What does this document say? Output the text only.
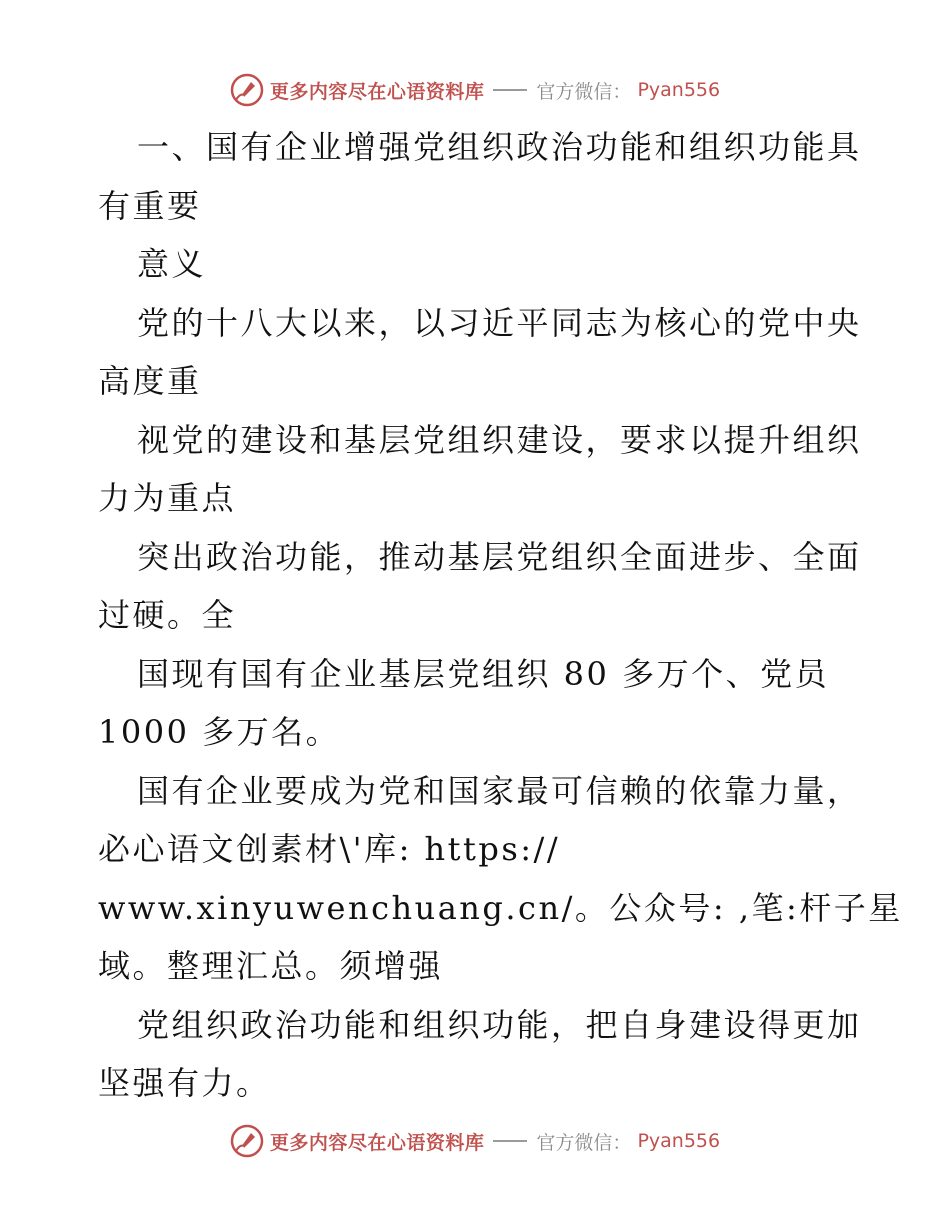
更多内容尽在心语资料库	官方微信： Pyan556
一、国有企业增强党组织政治功能和组织功能具
有重要
意义
党的十八大以来，以习近平同志为核心的党中央
高度重
视党的建设和基层党组织建设，要求以提升组织
力为重点
突出政治功能，推动基层党组织全面进步、全面
过硬。全
国现有国有企业基层党组织 80 多万个、党员
1000 多万名。
国有企业要成为党和国家最可信赖的依靠力量，
必心语文创素材\'库: https://
www.xinyuwenchuang.cn/。公众号: ,笔:杆子星
域。整理汇总。须增强
党组织政治功能和组织功能，把自身建设得更加
坚强有力。
更多内容尽在心语资料库	官方微信： Pyan556
